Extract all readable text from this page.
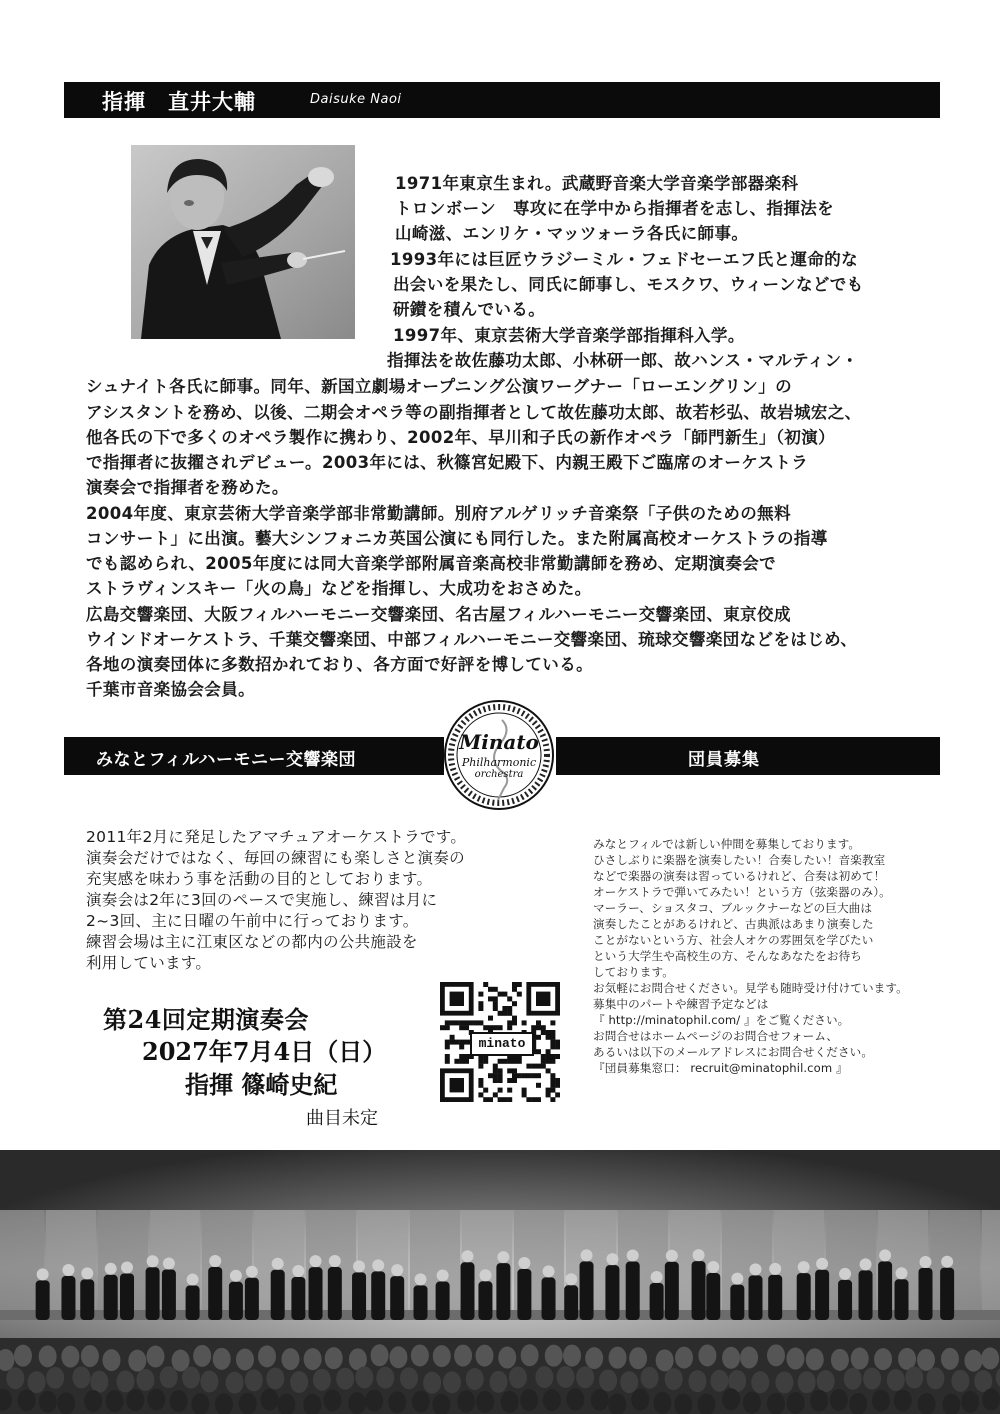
指揮　直井大輔	Daisuke Naoi
1971年東京生まれ。武蔵野音楽大学音楽学部器楽科
トロンボーン　専攻に在学中から指揮者を志し、指揮法を
山崎滋、エンリケ・マッツォーラ各氏に師事。
1993年には巨匠ウラジーミル・フェドセーエフ氏と運命的な
出会いを果たし、同氏に師事し、モスクワ、ウィーンなどでも
研鑚を積んでいる。
1997年、東京芸術大学音楽学部指揮科入学。
指揮法を故佐藤功太郎、小林研一郎、故ハンス・マルティン・
シュナイト各氏に師事。同年、新国立劇場オープニング公演ワーグナー「ローエングリン」の
アシスタントを務め、以後、二期会オペラ等の副指揮者として故佐藤功太郎、故若杉弘、故岩城宏之、
他各氏の下で多くのオペラ製作に携わり、2002年、早川和子氏の新作オペラ「師門新生」（初演）
で指揮者に抜擢されデビュー。2003年には、秋篠宮妃殿下、内親王殿下ご臨席のオーケストラ
演奏会で指揮者を務めた。
2004年度、東京芸術大学音楽学部非常勤講師。別府アルゲリッチ音楽祭「子供のための無料
コンサート」に出演。藝大シンフォニカ英国公演にも同行した。また附属高校オーケストラの指導
でも認められ、2005年度には同大音楽学部附属音楽高校非常勤講師を務め、定期演奏会で
ストラヴィンスキー「火の鳥」などを指揮し、大成功をおさめた。
広島交響楽団、大阪フィルハーモニー交響楽団、名古屋フィルハーモニー交響楽団、東京佼成
ウインドオーケストラ、千葉交響楽団、中部フィルハーモニー交響楽団、琉球交響楽団などをはじめ、
各地の演奏団体に多数招かれており、各方面で好評を博している。
千葉市音楽協会会員。
みなとフィルハーモニー交響楽団	団員募集
Minato
Philharmonic
orchestra
2011年2月に発足したアマチュアオーケストラです。
演奏会だけではなく、毎回の練習にも楽しさと演奏の
充実感を味わう事を活動の目的としております。
演奏会は2年に3回のペースで実施し、練習は月に
2~3回、主に日曜の午前中に行っております。
練習会場は主に江東区などの都内の公共施設を
利用しています。
みなとフィルでは新しい仲間を募集しております。
ひさしぶりに楽器を演奏したい！合奏したい！音楽教室
などで楽器の演奏は習っているけれど、合奏は初めて！
オーケストラで弾いてみたい！という方（弦楽器のみ）。
マーラー、ショスタコ、ブルックナーなどの巨大曲は
演奏したことがあるけれど、古典派はあまり演奏した
ことがないという方、社会人オケの雰囲気を学びたい
という大学生や高校生の方、そんなあなたをお待ち
しております。
お気軽にお問合せください。見学も随時受け付けています。
募集中のパートや練習予定などは
『 http://minatophil.com/ 』をご覧ください。
お問合せはホームページのお問合せフォーム、
あるいは以下のメールアドレスにお問合せください。
『団員募集窓口： recruit@minatophil.com 』
第24回定期演奏会
2027年7月4日（日）
指揮 篠崎史紀
曲目未定
minato
